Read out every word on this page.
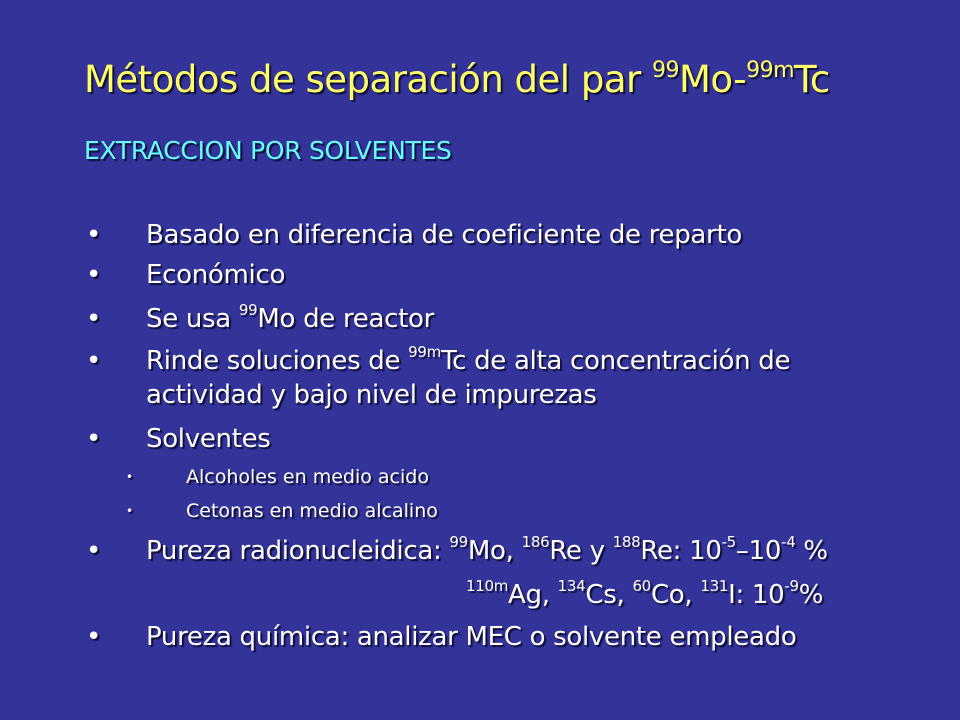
Métodos de separación del par $^{99}$Mo-$^{99m}$Tc
EXTRACCION POR SOLVENTES
• Basado en diferencia de coeficiente de reparto
• Económico
• Se usa $^{99}$Mo de reactor
• Rinde soluciones de $^{99m}$Tc de alta concentración de
actividad y bajo nivel de impurezas
• Solventes
•	Alcoholes en medio acido
•	Cetonas en medio alcalino
• Pureza radionucleidica: $^{99}$Mo, $^{186}$Re y $^{188}$Re: $10^{-5}-10^{-4}$ %
$^{110m}$Ag, $^{134}$Cs, $^{60}$Co, $^{131}$I: $10^{-9}\%$
• Pureza química: analizar MEC o solvente empleado
